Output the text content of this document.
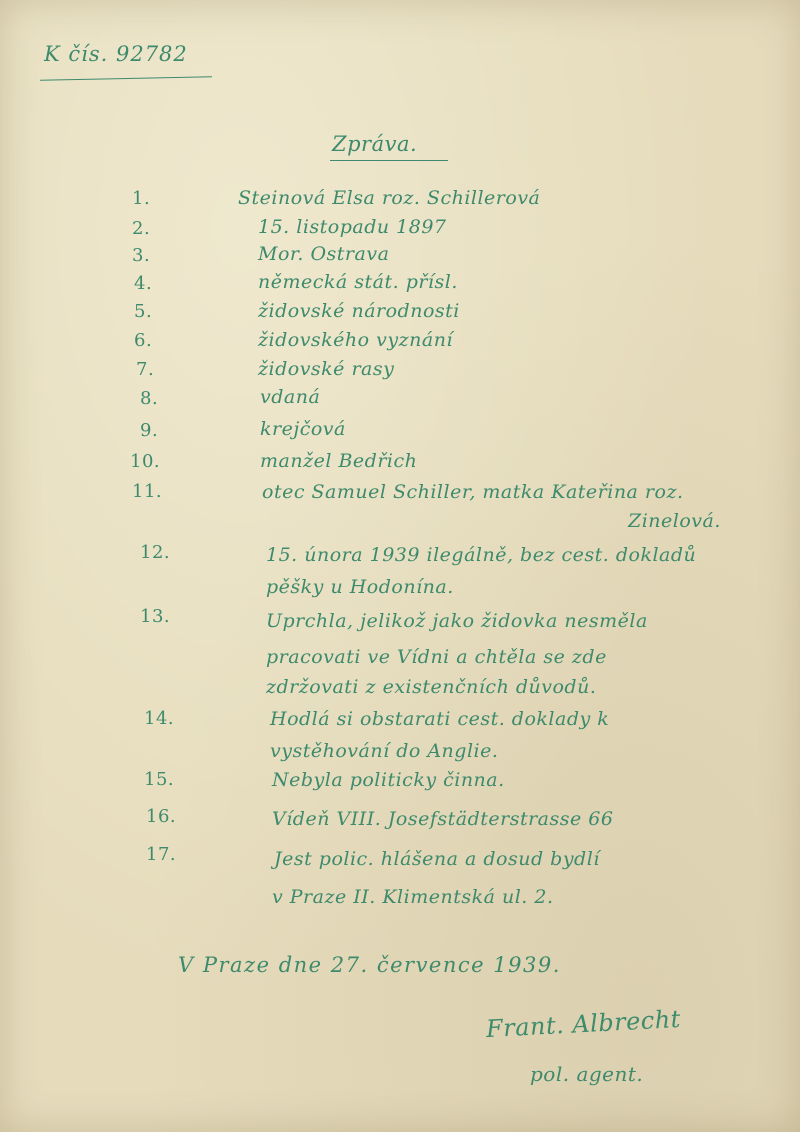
K čís. 92782
Zpráva.
1.	Steinová Elsa roz. Schillerová
2.	15. listopadu 1897
3.	Mor. Ostrava
4.	německá stát. přísl.
5.	židovské národnosti
6.	židovského vyznání
7.	židovské rasy
8.	vdaná
9.	krejčová
10.	manžel Bedřich
11.	otec Samuel Schiller, matka Kateřina roz.
Zinelová.
12.	15. února 1939 ilegálně, bez cest. dokladů
pěšky u Hodonína.
13.	Uprchla, jelikož jako židovka nesměla
pracovati ve Vídni a chtěla se zde
zdržovati z existenčních důvodů.
14.	Hodlá si obstarati cest. doklady k
vystěhování do Anglie.
15.	Nebyla politicky činna.
16.	Vídeň VIII. Josefstädterstrasse 66
17.	Jest polic. hlášena a dosud bydlí
v Praze II. Klimentská ul. 2.
V Praze dne 27. července 1939.
Frant. Albrecht
pol. agent.
